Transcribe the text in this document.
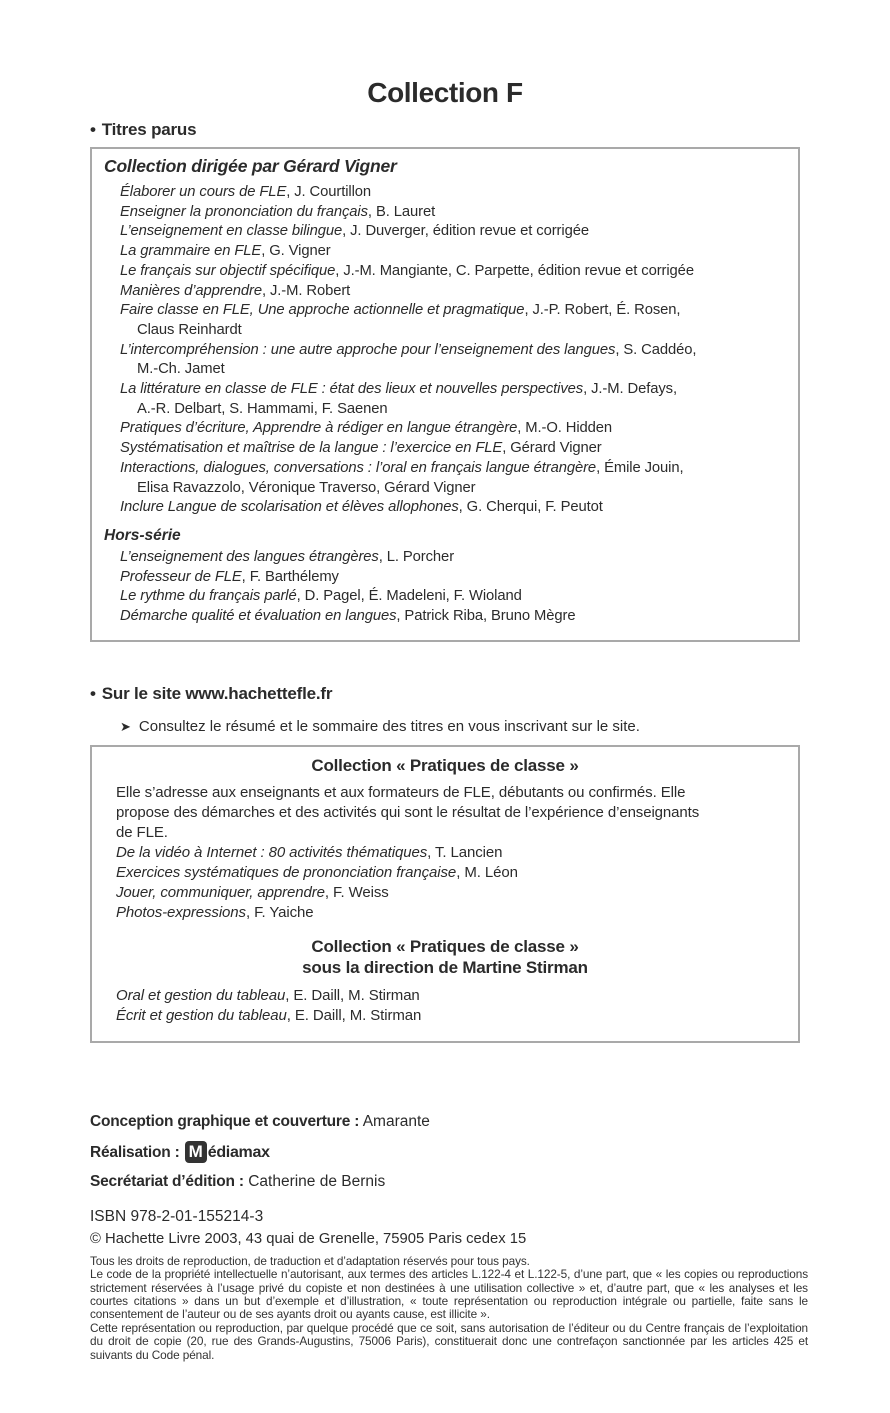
Collection F
• Titres parus
Collection dirigée par Gérard Vigner
Élaborer un cours de FLE, J. Courtillon
Enseigner la prononciation du français, B. Lauret
L’enseignement en classe bilingue, J. Duverger, édition revue et corrigée
La grammaire en FLE, G. Vigner
Le français sur objectif spécifique, J.-M. Mangiante, C. Parpette, édition revue et corrigée
Manières d’apprendre, J.-M. Robert
Faire classe en FLE, Une approche actionnelle et pragmatique, J.-P. Robert, É. Rosen,
Claus Reinhardt
L’intercompréhension : une autre approche pour l’enseignement des langues, S. Caddéo,
M.-Ch. Jamet
La littérature en classe de FLE : état des lieux et nouvelles perspectives, J.-M. Defays,
A.-R. Delbart, S. Hammami, F. Saenen
Pratiques d’écriture, Apprendre à rédiger en langue étrangère, M.-O. Hidden
Systématisation et maîtrise de la langue : l’exercice en FLE, Gérard Vigner
Interactions, dialogues, conversations : l’oral en français langue étrangère, Émile Jouin,
Elisa Ravazzolo, Véronique Traverso, Gérard Vigner
Inclure Langue de scolarisation et élèves allophones, G. Cherqui, F. Peutot
Hors-série
L’enseignement des langues étrangères, L. Porcher
Professeur de FLE, F. Barthélemy
Le rythme du français parlé, D. Pagel, É. Madeleni, F. Wioland
Démarche qualité et évaluation en langues, Patrick Riba, Bruno Mègre
• Sur le site www.hachettefle.fr
➤ Consultez le résumé et le sommaire des titres en vous inscrivant sur le site.
Collection « Pratiques de classe »
Elle s’adresse aux enseignants et aux formateurs de FLE, débutants ou confirmés. Elle
propose des démarches et des activités qui sont le résultat de l’expérience d’enseignants
de FLE.
De la vidéo à Internet : 80 activités thématiques, T. Lancien
Exercices systématiques de prononciation française, M. Léon
Jouer, communiquer, apprendre, F. Weiss
Photos-expressions, F. Yaiche
Collection « Pratiques de classe »
sous la direction de Martine Stirman
Oral et gestion du tableau, E. Daill, M. Stirman
Écrit et gestion du tableau, E. Daill, M. Stirman
Conception graphique et couverture : Amarante
Réalisation : M édiamax
Secrétariat d’édition : Catherine de Bernis
ISBN 978-2-01-155214-3
© Hachette Livre 2003, 43 quai de Grenelle, 75905 Paris cedex 15

Tous les droits de reproduction, de traduction et d’adaptation réservés pour tous pays.

Le code de la propriété intellectuelle n’autorisant, aux termes des articles L.122-4 et L.122-5, d’une part, que « les copies ou reproductions strictement réservées à l’usage privé du copiste et non destinées à une utilisation collective » et, d’autre part, que « les analyses et les courtes citations » dans un but d’exemple et d’illustration, « toute représentation ou reproduction intégrale ou partielle, faite sans le consentement de l’auteur ou de ses ayants droit ou ayants cause, est illicite ».

Cette représentation ou reproduction, par quelque procédé que ce soit, sans autorisation de l’éditeur ou du Centre français de l’exploitation du droit de copie (20, rue des Grands-Augustins, 75006 Paris), constituerait donc une contrefaçon sanctionnée par les articles 425 et suivants du Code pénal.
